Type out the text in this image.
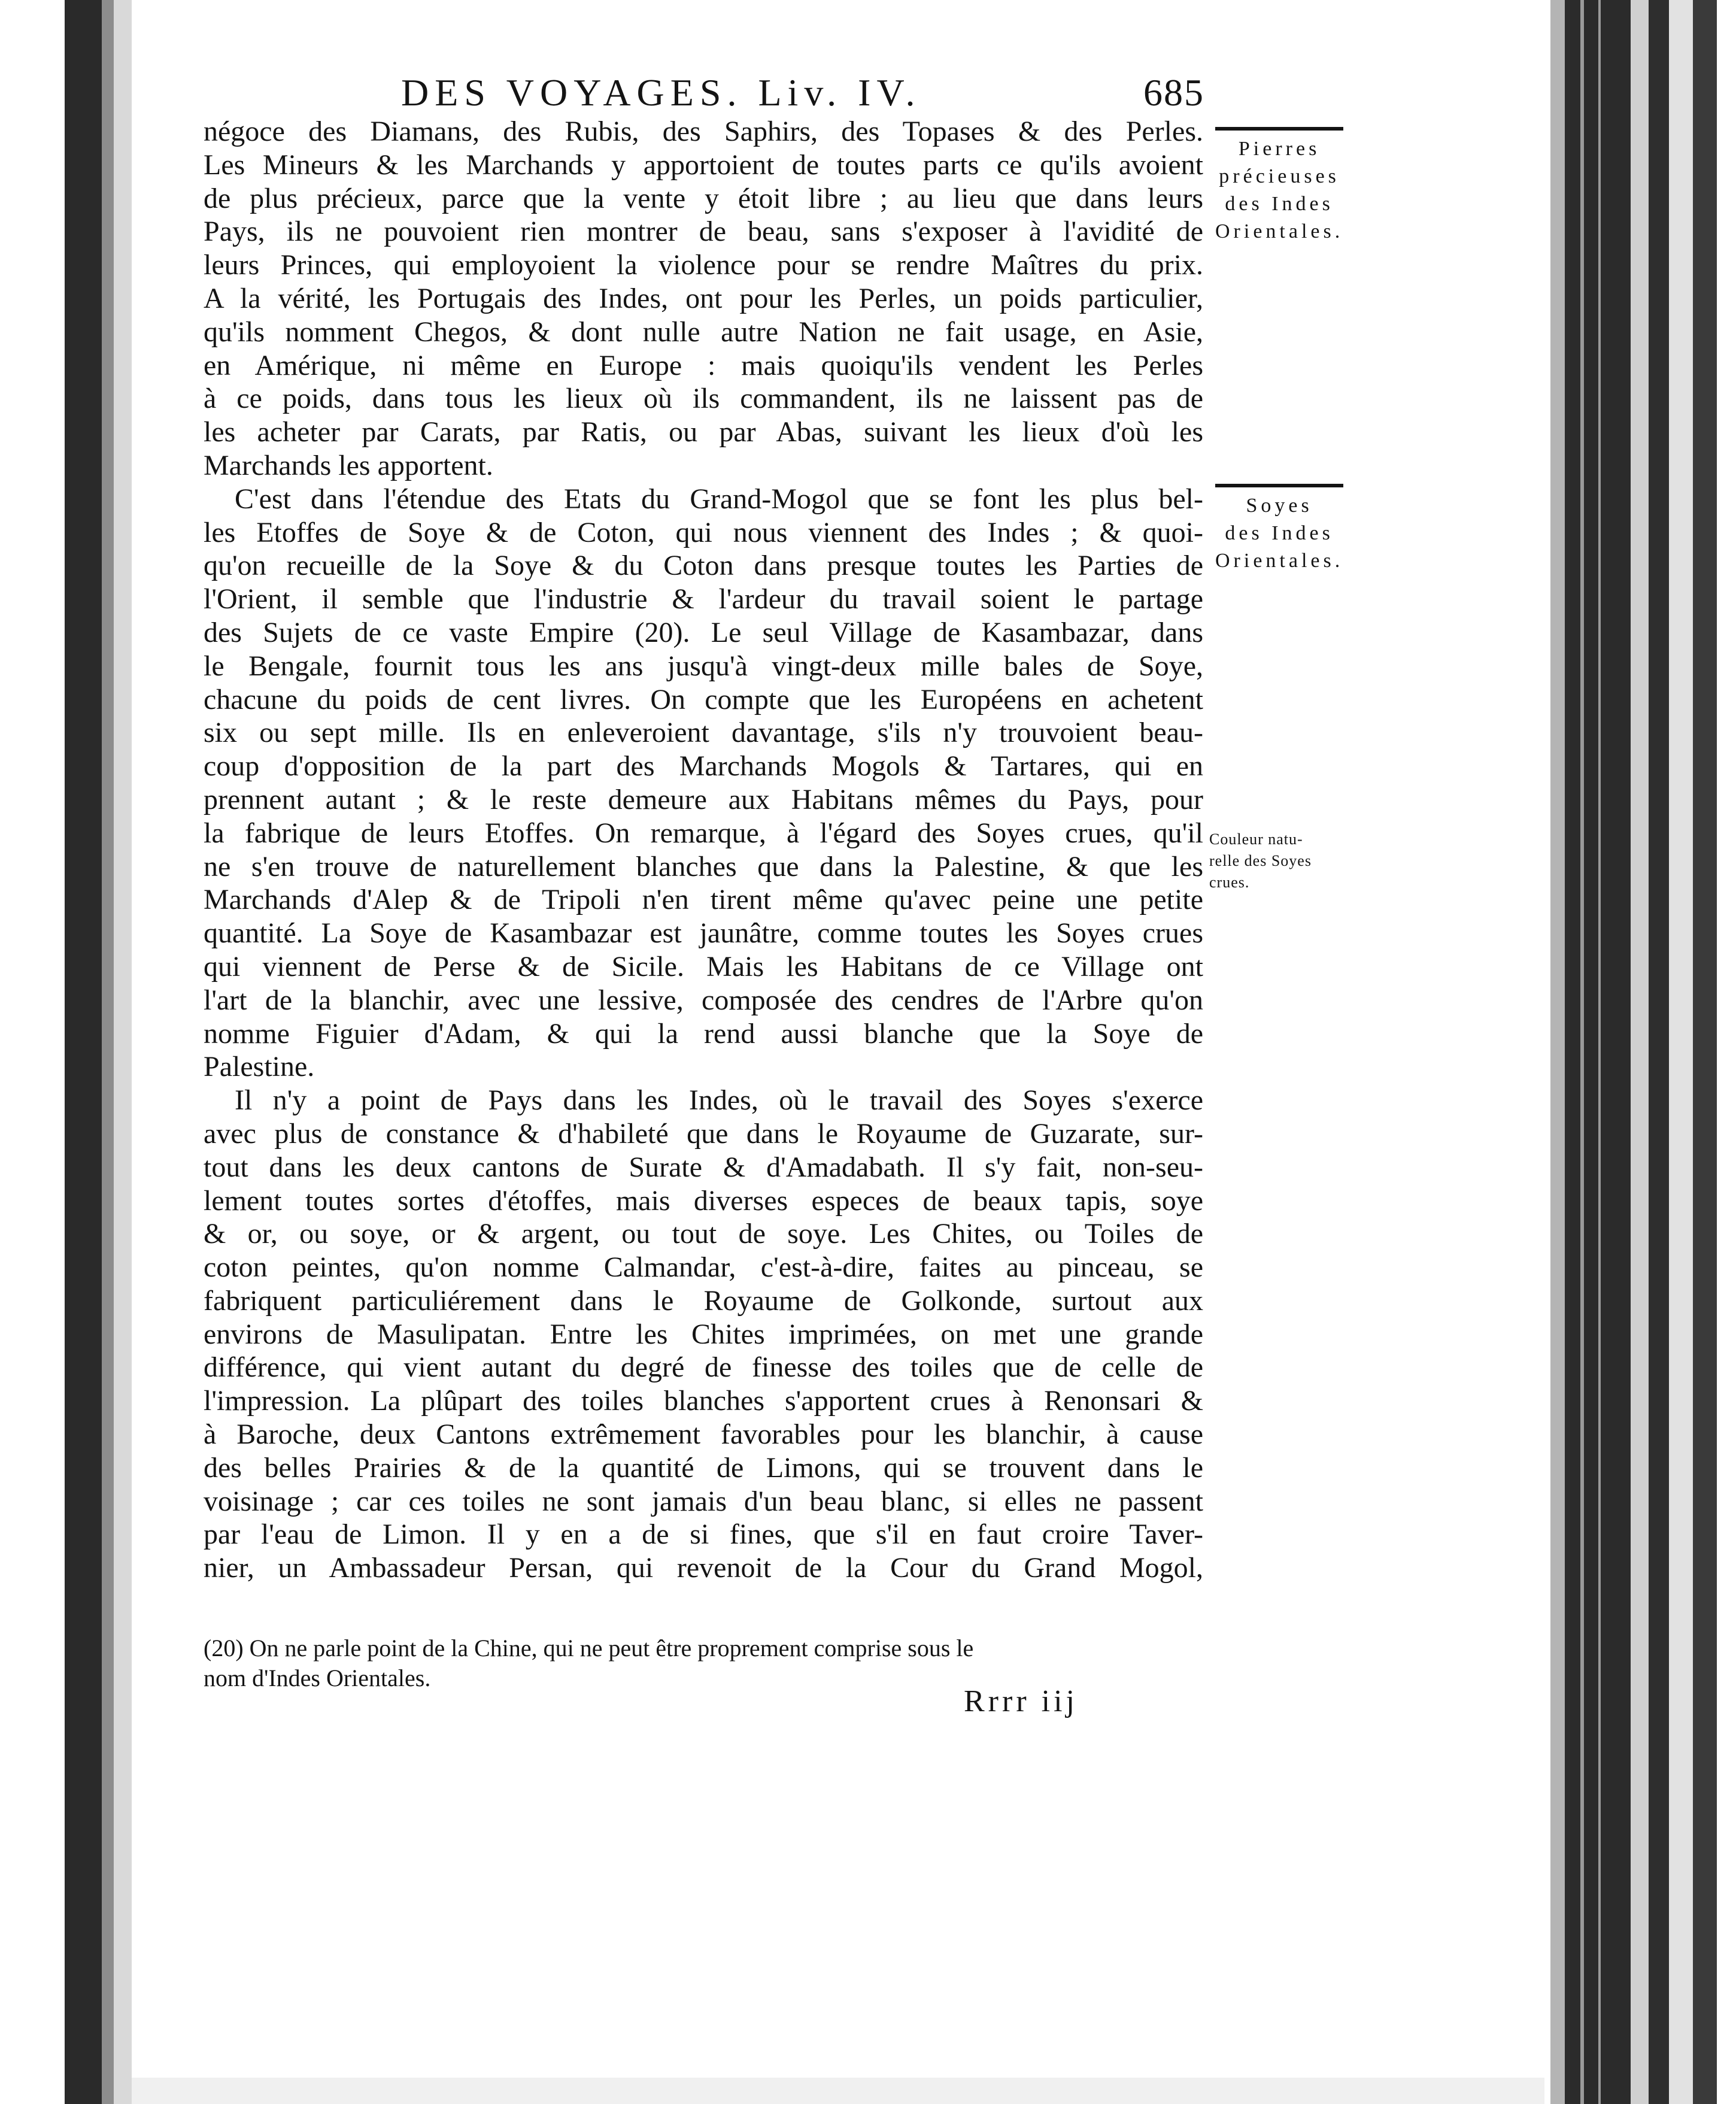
DES VOYAGES. Liv. IV.	685
négoce des Diamans, des Rubis, des Saphirs, des Topases & des Perles.
Les Mineurs & les Marchands y apportoient de toutes parts ce qu'ils avoient
de plus précieux, parce que la vente y étoit libre ; au lieu que dans leurs
Pays, ils ne pouvoient rien montrer de beau, sans s'exposer à l'avidité de
leurs Princes, qui employoient la violence pour se rendre Maîtres du prix.
A la vérité, les Portugais des Indes, ont pour les Perles, un poids particulier,
qu'ils nomment Chegos, & dont nulle autre Nation ne fait usage, en Asie,
en Amérique, ni même en Europe : mais quoiqu'ils vendent les Perles
à ce poids, dans tous les lieux où ils commandent, ils ne laissent pas de
les acheter par Carats, par Ratis, ou par Abas, suivant les lieux d'où les
Marchands les apportent.
C'est dans l'étendue des Etats du Grand-Mogol que se font les plus bel-
les Etoffes de Soye & de Coton, qui nous viennent des Indes ; & quoi-
qu'on recueille de la Soye & du Coton dans presque toutes les Parties de
l'Orient, il semble que l'industrie & l'ardeur du travail soient le partage
des Sujets de ce vaste Empire (20). Le seul Village de Kasambazar, dans
le Bengale, fournit tous les ans jusqu'à vingt-deux mille bales de Soye,
chacune du poids de cent livres. On compte que les Européens en achetent
six ou sept mille. Ils en enleveroient davantage, s'ils n'y trouvoient beau-
coup d'opposition de la part des Marchands Mogols & Tartares, qui en
prennent autant ; & le reste demeure aux Habitans mêmes du Pays, pour
la fabrique de leurs Etoffes. On remarque, à l'égard des Soyes crues, qu'il
ne s'en trouve de naturellement blanches que dans la Palestine, & que les
Marchands d'Alep & de Tripoli n'en tirent même qu'avec peine une petite
quantité. La Soye de Kasambazar est jaunâtre, comme toutes les Soyes crues
qui viennent de Perse & de Sicile. Mais les Habitans de ce Village ont
l'art de la blanchir, avec une lessive, composée des cendres de l'Arbre qu'on
nomme Figuier d'Adam, & qui la rend aussi blanche que la Soye de
Palestine.
Il n'y a point de Pays dans les Indes, où le travail des Soyes s'exerce
avec plus de constance & d'habileté que dans le Royaume de Guzarate, sur-
tout dans les deux cantons de Surate & d'Amadabath. Il s'y fait, non-seu-
lement toutes sortes d'étoffes, mais diverses especes de beaux tapis, soye
& or, ou soye, or & argent, ou tout de soye. Les Chites, ou Toiles de
coton peintes, qu'on nomme Calmandar, c'est-à-dire, faites au pinceau, se
fabriquent particuliérement dans le Royaume de Golkonde, surtout aux
environs de Masulipatan. Entre les Chites imprimées, on met une grande
différence, qui vient autant du degré de finesse des toiles que de celle de
l'impression. La plûpart des toiles blanches s'apportent crues à Renonsari &
à Baroche, deux Cantons extrêmement favorables pour les blanchir, à cause
des belles Prairies & de la quantité de Limons, qui se trouvent dans le
voisinage ; car ces toiles ne sont jamais d'un beau blanc, si elles ne passent
par l'eau de Limon. Il y en a de si fines, que s'il en faut croire Taver-
nier, un Ambassadeur Persan, qui revenoit de la Cour du Grand Mogol,
(20) On ne parle point de la Chine, qui ne peut être proprement comprise sous le
nom d'Indes Orientales.
Rrrr iij
Pierres
précieuses
des Indes
Orientales.
Soyes
des Indes
Orientales.
Couleur natu-
relle des Soyes
crues.
